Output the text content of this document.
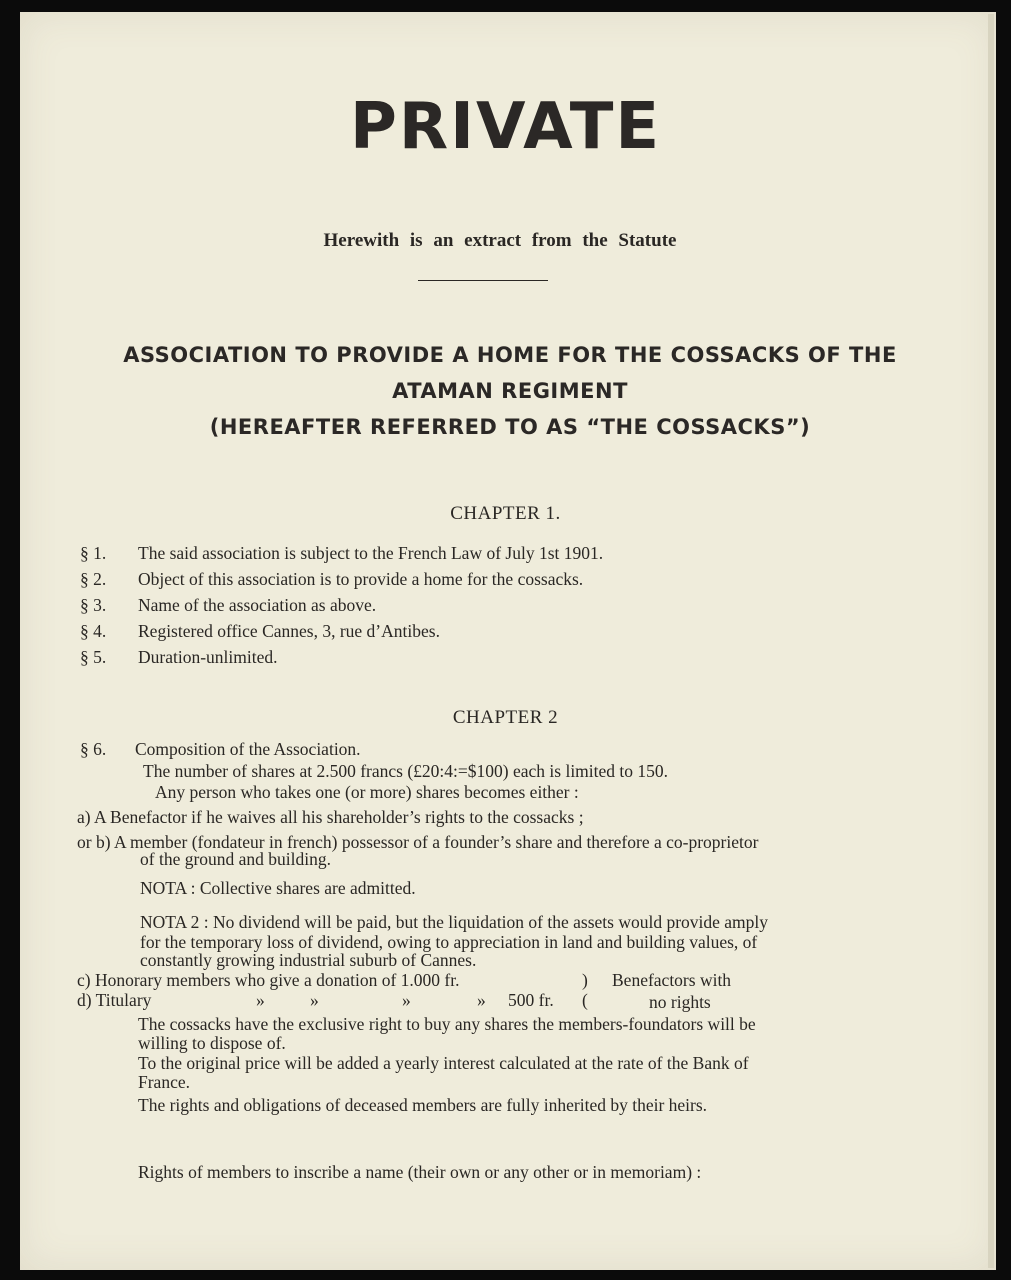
PRIVATE
Herewith is an extract from the Statute
ASSOCIATION TO PROVIDE A HOME FOR THE COSSACKS OF THE
ATAMAN REGIMENT
(HEREAFTER REFERRED TO AS “THE COSSACKS”)
CHAPTER 1.
§ 1. The said association is subject to the French Law of July 1st 1901.
§ 2. Object of this association is to provide a home for the cossacks.
§ 3. Name of the association as above.
§ 4. Registered office Cannes, 3, rue d’Antibes.
§ 5. Duration-unlimited.
CHAPTER 2
§ 6. Composition of the Association.
The number of shares at 2.500 francs (£20:4:=$100) each is limited to 150.
Any person who takes one (or more) shares becomes either :
a) A Benefactor if he waives all his shareholder’s rights to the cossacks ;
or b) A member (fondateur in french) possessor of a founder’s share and therefore a co-proprietor
of the ground and building.
NOTA : Collective shares are admitted.
NOTA 2 : No dividend will be paid, but the liquidation of the assets would provide amply
for the temporary loss of dividend, owing to appreciation in land and building values, of
constantly growing industrial suburb of Cannes.
c) Honorary members who give a donation of 1.000 fr.	) Benefactors with
d) Titulary	»	»	»	» 500 fr. (	no rights
The cossacks have the exclusive right to buy any shares the members-foundators will be
willing to dispose of.
To the original price will be added a yearly interest calculated at the rate of the Bank of
France.
The rights and obligations of deceased members are fully inherited by their heirs.
Rights of members to inscribe a name (their own or any other or in memoriam) :
